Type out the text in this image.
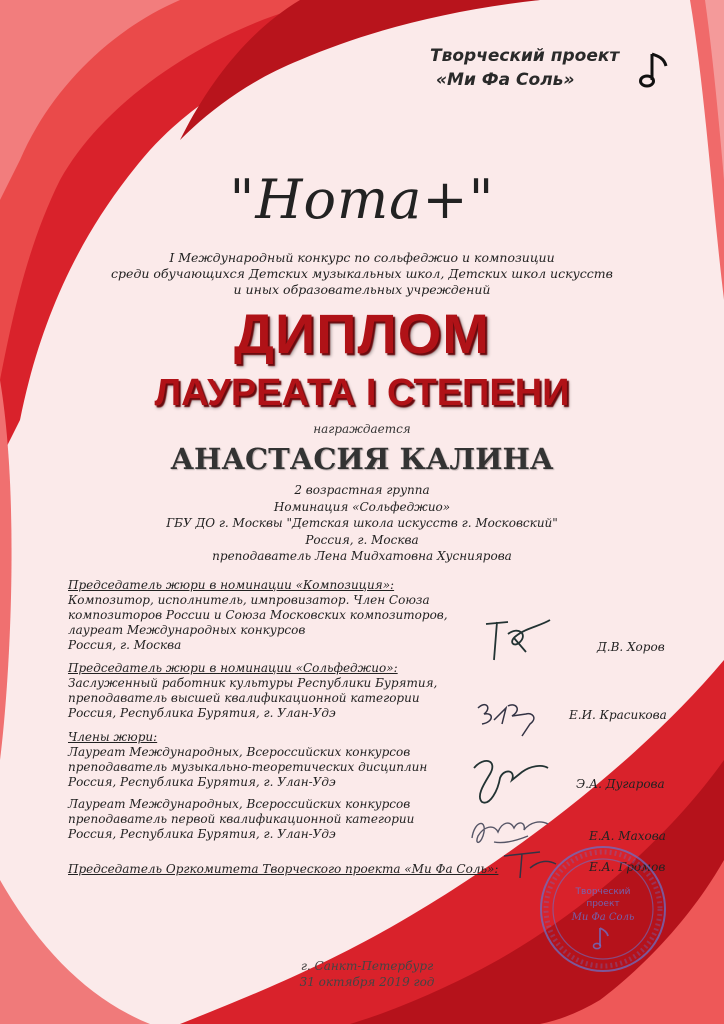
Творческий проект
«Ми Фа Соль»
"Нота+"
I Международный конкурс по сольфеджио и композиции
среди обучающихся Детских музыкальных школ, Детских школ искусств
и иных образовательных учреждений
ДИПЛОМ
ЛАУРЕАТА I СТЕПЕНИ
награждается
АНАСТАСИЯ КАЛИНА
2 возрастная группа
Номинация «Сольфеджио»
ГБУ ДО г. Москвы "Детская школа искусств г. Московский"
Россия, г. Москва
преподаватель Лена Мидхатовна Хусниярова
Председатель жюри в номинации «Композиция»:
Композитор, исполнитель, импровизатор. Член Союза
композиторов России и Союза Московских композиторов,
лауреат Международных конкурсов
Россия, г. Москва	Д.В. Хоров
Председатель жюри в номинации «Сольфеджио»:
Заслуженный работник культуры Республики Бурятия,
преподаватель высшей квалификационной категории
Россия, Республика Бурятия, г. Улан-Удэ	Е.И. Красикова
Члены жюри:
Лауреат Международных, Всероссийских конкурсов
преподаватель музыкально-теоретических дисциплин
Россия, Республика Бурятия, г. Улан-Удэ	Э.А. Дугарова
Лауреат Международных, Всероссийских конкурсов
преподаватель первой квалификационной категории
Россия, Республика Бурятия, г. Улан-Удэ	Е.А. Махова
Председатель Оргкомитета Творческого проекта «Ми Фа Соль»:	Е.А. Громов
Творческий
проект
Ми Фа Соль
г. Санкт-Петербург
31 октября 2019 год
